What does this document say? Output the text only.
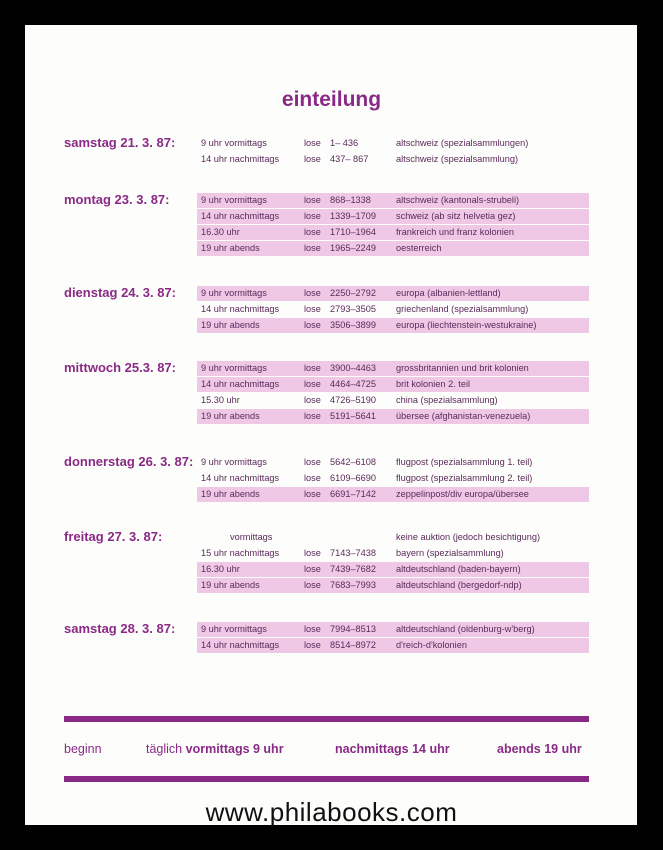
einteilung
samstag 21. 3. 87:	9 uhr vormittags	lose 1– 436	altschweiz (spezialsammlungen)
14 uhr nachmittags	lose 437– 867	altschweiz (spezialsammlung)
montag 23. 3. 87:	9 uhr vormittags	lose 868–1338	altschweiz (kantonals-strubeli)
14 uhr nachmittags	lose 1339–1709 schweiz (ab sitz helvetia gez)
16.30 uhr	lose 1710–1964 frankreich und franz kolonien
19 uhr abends	lose 1965–2249 oesterreich
dienstag 24. 3. 87:	9 uhr vormittags	lose 2250–2792 europa (albanien-lettland)
14 uhr nachmittags	lose 2793–3505 griechenland (spezialsammlung)
19 uhr abends	lose 3506–3899 europa (liechtenstein-westukraine)
mittwoch 25.3. 87:	9 uhr vormittags	lose 3900–4463 grossbritannien und brit kolonien
14 uhr nachmittags	lose 4464–4725 brit kolonien 2. teil
15.30 uhr	lose 4726–5190 china (spezialsammlung)
19 uhr abends	lose 5191–5641 übersee (afghanistan-venezuela)
donnerstag 26. 3. 87: 9 uhr vormittags	lose 5642–6108 flugpost (spezialsammlung 1. teil)
14 uhr nachmittags	lose 6109–6690 flugpost (spezialsammlung 2. teil)
19 uhr abends	lose 6691–7142 zeppelinpost/div europa/übersee
freitag 27. 3. 87:	vormittags	keine auktion (jedoch besichtigung)
15 uhr nachmittags	lose 7143–7438 bayern (spezialsammlung)
16.30 uhr	lose 7439–7682 altdeutschland (baden-bayern)
19 uhr abends	lose 7683–7993 altdeutschland (bergedorf-ndp)
samstag 28. 3. 87:	9 uhr vormittags	lose 7994–8513 altdeutschland (oldenburg-w'berg)
14 uhr nachmittags	lose 8514–8972 d'reich-d'kolonien
beginn	täglich vormittags 9 uhr	nachmittags 14 uhr	abends 19 uhr
www.philabooks.com
